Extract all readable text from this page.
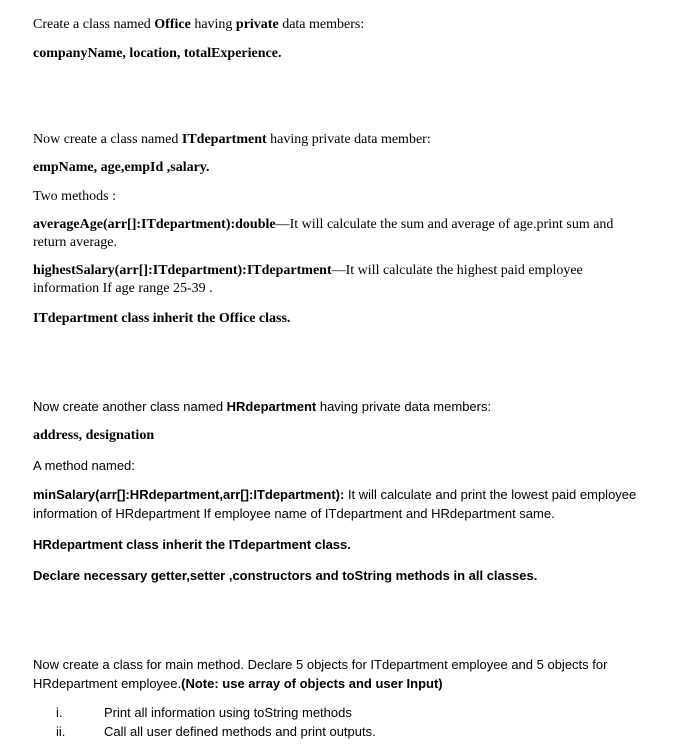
Create a class named Office having private data members:
companyName, location, totalExperience.
Now create a class named ITdepartment having private data member:
empName, age,empId ,salary.
Two methods :
averageAge(arr[]:ITdepartment):double—It will calculate the sum and average of age.print sum and return average.
highestSalary(arr[]:ITdepartment):ITdepartment—It will calculate the highest paid employee information If age range 25-39 .
ITdepartment class inherit the Office class.
Now create another class named HRdepartment having private data members:
address, designation
A method named:
minSalary(arr[]:HRdepartment,arr[]:ITdepartment): It will calculate and print the lowest paid employee information of HRdepartment If employee name of ITdepartment and HRdepartment same.
HRdepartment class inherit the ITdepartment class.
Declare necessary getter,setter ,constructors and toString methods in all classes.
Now create a class for main method. Declare 5 objects for ITdepartment employee and 5 objects for HRdepartment employee.(Note: use array of objects and user Input)
i.	Print all information using toString methods
ii.	Call all user defined methods and print outputs.
